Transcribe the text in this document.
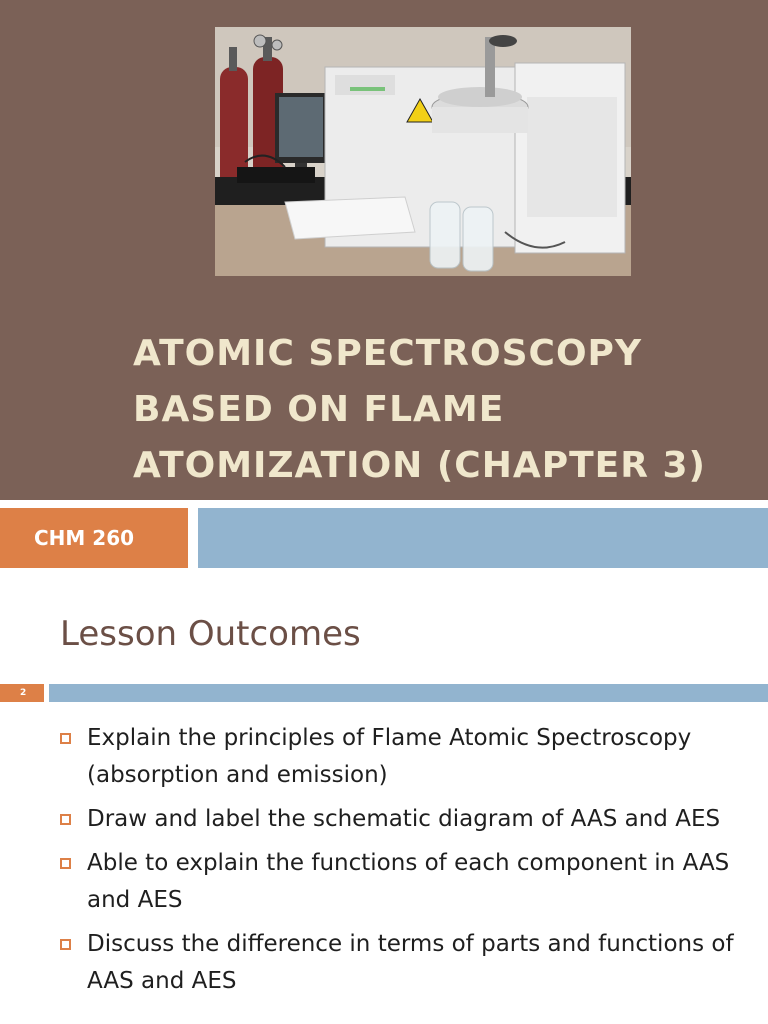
ATOMIC SPECTROSCOPY
BASED ON FLAME
ATOMIZATION (CHAPTER 3)
CHM 260
Lesson Outcomes
2
Explain the principles of Flame Atomic Spectroscopy (absorption and emission)
Draw and label the schematic diagram of AAS and AES
Able to explain the functions of each component in AAS and AES
Discuss the difference in terms of parts and functions of AAS and AES
